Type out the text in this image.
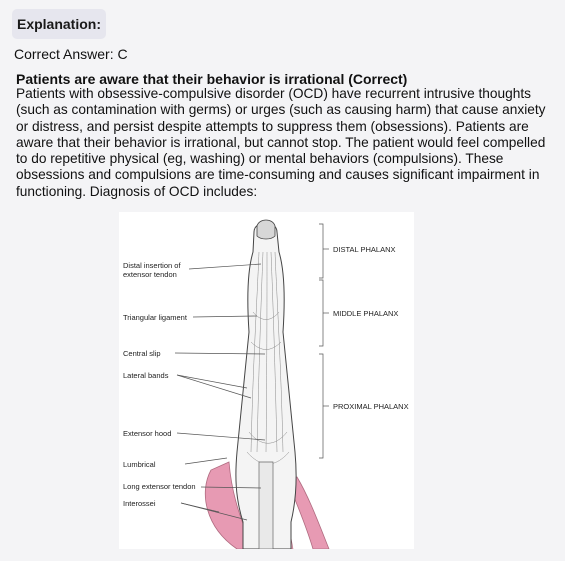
Explanation:
Correct Answer: C
Patients are aware that their behavior is irrational (Correct)
Patients with obsessive-compulsive disorder (OCD) have recurrent intrusive thoughts (such as contamination with germs) or urges (such as causing harm) that cause anxiety or distress, and persist despite attempts to suppress them (obsessions). Patients are aware that their behavior is irrational, but cannot stop. The patient would feel compelled to do repetitive physical (eg, washing) or mental behaviors (compulsions). These obsessions and compulsions are time-consuming and causes significant impairment in functioning. Diagnosis of OCD includes:
Distal insertion of
extensor tendon
Triangular ligament
Central slip
Lateral bands
Extensor hood
Lumbrical
Long extensor tendon
Interossei
DISTAL PHALANX
MIDDLE PHALANX
PROXIMAL PHALANX
